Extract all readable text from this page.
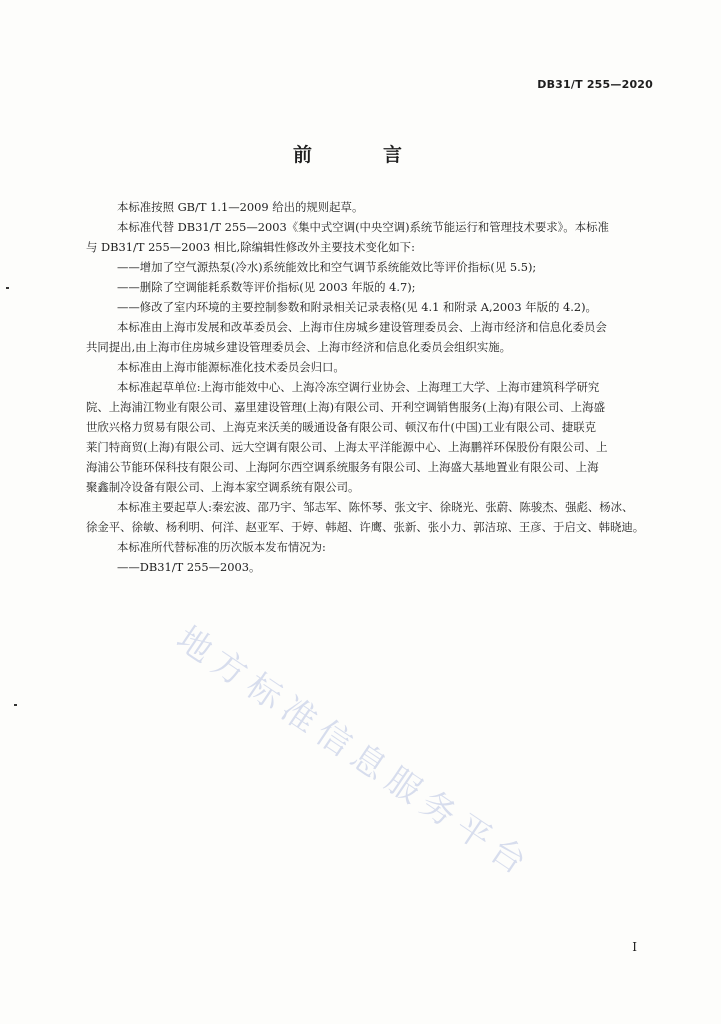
DB31/T 255—2020
前　言
本标准按照 GB/T 1.1—2009 给出的规则起草。
本标准代替 DB31/T 255—2003《集中式空调(中央空调)系统节能运行和管理技术要求》。本标准
与 DB31/T 255—2003 相比,除编辑性修改外主要技术变化如下:
——增加了空气源热泵(冷水)系统能效比和空气调节系统能效比等评价指标(见 5.5);
——删除了空调能耗系数等评价指标(见 2003 年版的 4.7);
——修改了室内环境的主要控制参数和附录相关记录表格(见 4.1 和附录 A,2003 年版的 4.2)。
本标准由上海市发展和改革委员会、上海市住房城乡建设管理委员会、上海市经济和信息化委员会
共同提出,由上海市住房城乡建设管理委员会、上海市经济和信息化委员会组织实施。
本标准由上海市能源标准化技术委员会归口。
本标准起草单位:上海市能效中心、上海冷冻空调行业协会、上海理工大学、上海市建筑科学研究
院、上海浦江物业有限公司、嘉里建设管理(上海)有限公司、开利空调销售服务(上海)有限公司、上海盛
世欣兴格力贸易有限公司、上海克来沃美的暖通设备有限公司、顿汉布什(中国)工业有限公司、捷联克
莱门特商贸(上海)有限公司、远大空调有限公司、上海太平洋能源中心、上海鹏祥环保股份有限公司、上
海浦公节能环保科技有限公司、上海阿尔西空调系统服务有限公司、上海盛大基地置业有限公司、上海
聚鑫制冷设备有限公司、上海本家空调系统有限公司。
本标准主要起草人:秦宏波、邵乃宇、邹志军、陈怀琴、张文宇、徐晓光、张蔚、陈骏杰、强彪、杨冰、
徐金平、徐敏、杨利明、何洋、赵亚军、于婷、韩超、许鹰、张新、张小力、郭洁琼、王彦、于启文、韩晓迪。
本标准所代替标准的历次版本发布情况为:
——DB31/T 255—2003。
地方标准信息服务平台
I
